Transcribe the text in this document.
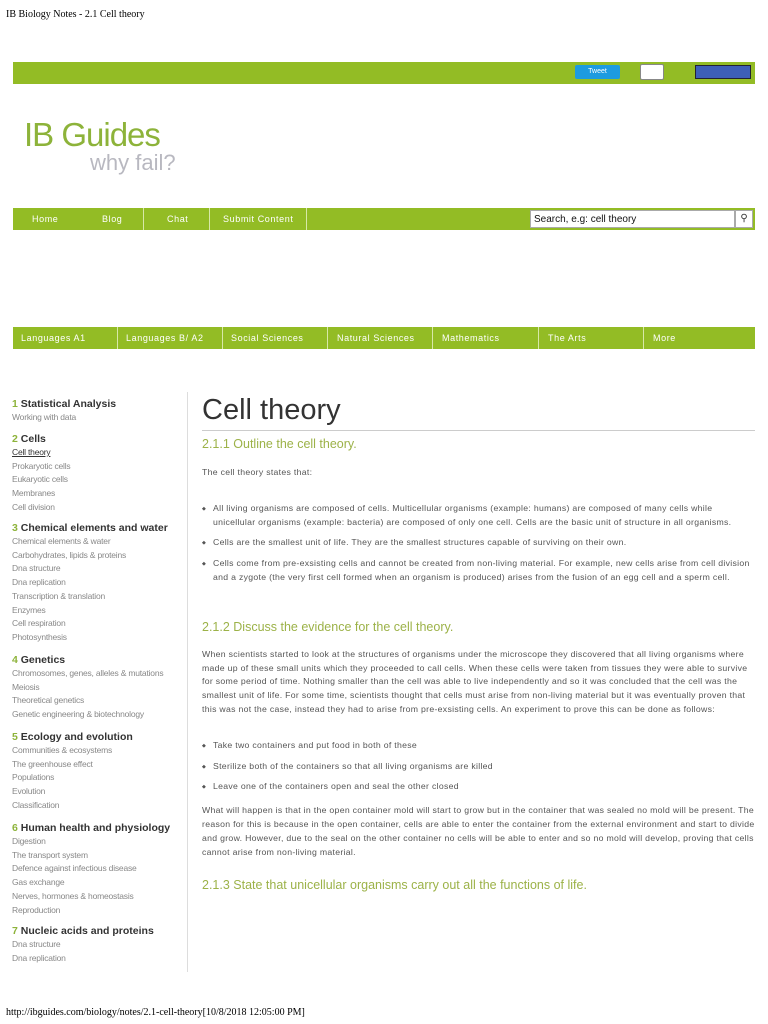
IB Biology Notes - 2.1 Cell theory
Tweet
IB Guides
why fail?
Home	Blog	Chat	Submit Content
Search, e.g: cell theory	⚲
Languages A1	Languages B/ A2	Social Sciences	Natural Sciences	Mathematics	The Arts	More
1 Statistical Analysis
Working with data
2 Cells
Cell theory
Prokaryotic cells
Eukaryotic cells
Membranes
Cell division
3 Chemical elements and water
Chemical elements & water
Carbohydrates, lipids & proteins
Dna structure
Dna replication
Transcription & translation
Enzymes
Cell respiration
Photosynthesis
4 Genetics
Chromosomes, genes, alleles & mutations
Meiosis
Theoretical genetics
Genetic engineering & biotechnology
5 Ecology and evolution
Communities & ecosystems
The greenhouse effect
Populations
Evolution
Classification
6 Human health and physiology
Digestion
The transport system
Defence against infectious disease
Gas exchange
Nerves, hormones & homeostasis
Reproduction
7 Nucleic acids and proteins
Dna structure
Dna replication
Cell theory
2.1.1 Outline the cell theory.
The cell theory states that:
◆ All living organisms are composed of cells. Multicellular organisms (example: humans) are composed of many cells while unicellular organisms (example: bacteria) are composed of only one cell. Cells are the basic unit of structure in all organisms.
◆ Cells are the smallest unit of life. They are the smallest structures capable of surviving on their own.
◆ Cells come from pre-exsisting cells and cannot be created from non-living material. For example, new cells arise from cell division and a zygote (the very first cell formed when an organism is produced) arises from the fusion of an egg cell and a sperm cell.
2.1.2 Discuss the evidence for the cell theory.
When scientists started to look at the structures of organisms under the microscope they discovered that all living organisms where made up of these small units which they proceeded to call cells. When these cells were taken from tissues they were able to survive for some period of time. Nothing smaller than the cell was able to live independently and so it was concluded that the cell was the smallest unit of life. For some time, scientists thought that cells must arise from non-living material but it was eventually proven that this was not the case, instead they had to arise from pre-exsisting cells. An experiment to prove this can be done as follows:
◆ Take two containers and put food in both of these
◆ Sterilize both of the containers so that all living organisms are killed
◆ Leave one of the containers open and seal the other closed
What will happen is that in the open container mold will start to grow but in the container that was sealed no mold will be present. The reason for this is because in the open container, cells are able to enter the container from the external environment and start to divide and grow. However, due to the seal on the other container no cells will be able to enter and so no mold will develop, proving that cells cannot arise from non-living material.
2.1.3 State that unicellular organisms carry out all the functions of life.
http://ibguides.com/biology/notes/2.1-cell-theory[10/8/2018 12:05:00 PM]
